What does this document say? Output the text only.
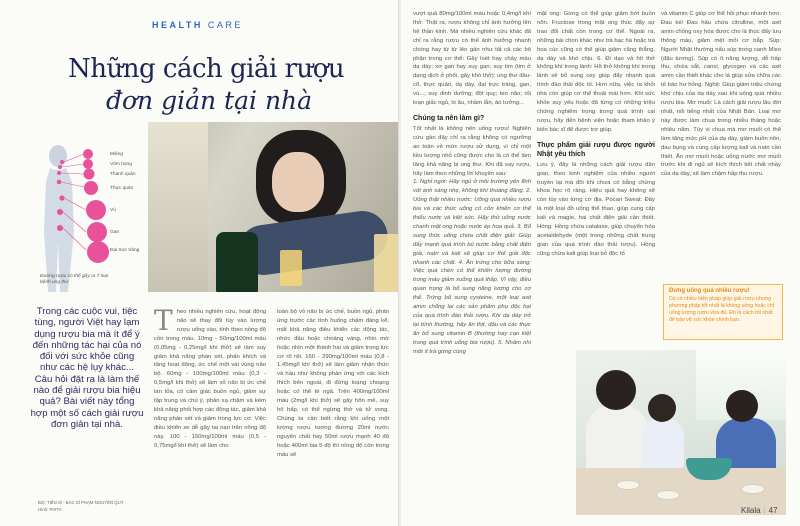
HEALTH CARE
Những cách giải rượu
đơn giản tại nhà
Miệng
Vòm họng
Thanh quản
Thực quản
Vú
Gan
Đại trực tràng
Đường rượu có thể gây ra 7 loại bệnh ung thư
Trong các cuộc vui, tiệc tùng, người Việt hay lạm dụng rượu bia mà ít để ý đến những tác hại của nó đối với sức khỏe cũng như các hệ lụy khác... Câu hỏi đặt ra là làm thế nào để giải rượu bia hiệu quả? Bài viết này tổng hợp một số cách giải rượu đơn giản tại nhà.
Bởi: TIẾN SĨ - BÁC SĨ PHẠM NGUYÊN QUÝ
Hình: PIXTA
Theo nhiều nghiên cứu, hoạt động não sẽ thay đổi tùy vào lượng rượu uống vào, tính theo nồng độ cồn trong máu. 10mg - 50mg/100ml máu (0,05mg - 0,25mg/l khí thở) sẽ làm suy giảm khả năng phán xét, phấn khích và tăng hoạt động, ức chế một vài vùng não bộ. 60mg - 100mg/100ml máu (0,3 - 0,5mg/l khí thở) sẽ làm vỏ não bị ức chế lan tỏa, có cảm giác buồn ngủ, giảm sự tập trung và chú ý, phản xạ chậm và kém khả năng phối hợp các động tác, giảm khả năng phán xét và giảm trong lực cơ. Việc điều khiển xe dễ gây tai nạn trên nồng độ này. 100 - 150mg/100ml máu (0,5 - 0,75mg/l khí thở) sẽ làm cho
toàn bộ vỏ não bị ức chế, buồn ngủ, phản ứng trước các tình huống chậm đáng kể, mất khả năng điều khiển các động tác, nhức đầu hoặc choáng váng, nhìn mờ hoặc nhìn một thành hai và giảm trong lực cơ rõ rệt. 160 - 290mg/100ml máu (0,8 - 1,45mg/l khí thở) sẽ làm giảm nhận thức và hầu như không phản ứng với các kích thích bên ngoài, đi đứng loạng choạng hoặc có thể té ngã. Trên 400mg/100ml máu (2mg/l khí thở) sẽ gây hôn mê, suy hô hấp, có thể ngừng thở và tử vong. Chúng ta cần biết rằng khi uống một lượng rượu tương đương 20ml nước nguyên chất hay 50ml rượu mạnh 40 độ hoặc 400ml bia 5 độ thì nồng độ cồn trong máu sẽ

vượt quá 80mg/100ml máu hoặc 0,4mg/l khí thở. Thật ra, rượu không chỉ ảnh hưởng lên hệ thần kinh. Mà nhiều nghiên cứu khác đã chỉ ra rằng rượu có thể ảnh hưởng nhanh chóng hay từ từ lên gần như tất cả các bộ phận trong cơ thể: Gây loét hay cháy máu dạ dày; xơ gan hay suy gan; suy tim (tim ở dạng dịch ở phổi, gây khó thở); ung thư đầu-cổ, thực quản, dạ dày, đại trực tràng, gan, vú...; suy dinh dưỡng; đột quỵ; teo não; rối loạn giấc ngủ, lo âu, nhầm lẫn, ảo tưởng...

Chúng ta nên làm gì?

Tốt nhất là không nên uống rượu! Nghiên cứu gần đây chỉ ra rằng không có ngưỡng an toàn về mức rượu sử dụng, vì chỉ một liều lượng nhỏ cũng được cho là có thể làm tăng khả năng bị ung thư. Khi đã say rượu, hãy làm theo những lời khuyên sau:

1. Nghỉ ngơi: Hãy ngủ ở môi trường yên tĩnh với ánh sáng nhẹ, không khí thoáng đãng. 2. Uống thật nhiều nước: Uống quá nhiều rượu bia và các thức uống có cồn khiến cơ thể thiếu nước và kiệt sức. Hãy thử uống nước chanh mật ong hoặc nước ép hoa quả. 3. Bổ sung thức uống chứa chất điện giải: Giúp đẩy mạnh quá trình bù nước bằng chất điện giải, natri và kali sẽ giúp cơ thể giải độc nhanh các chất. 4. Ăn trứng cho bữa sáng: Việc quá chén có thể khiến lượng đường trong máu giảm xuống quá thấp. Vì vậy, điều quan trọng là bổ sung năng lượng cho cơ thể. Trứng bổ sung cysteine, một loại axit amin chống lại các sản phẩm phụ độc hại của quá trình đào thải rượu. Khi dạ dày trở lại bình thường, hãy ăn thịt, đậu và các thực ăn bổ sung vitamin B (thường hay cạn kiệt trong quá trình uống bia rượu). 5. Nhâm nhi một ít trà gừng cùng

mật ong: Gừng có thể giúp giảm bớt buồn nôn. Fructose trong mật ong thúc đẩy sự trao đổi chất cồn trong cơ thể. Ngoài ra, những bài chọn khác như trà bạc hà hoặc trà hoa cúc cũng có thể giúp giảm căng thẳng, dạ dày và khó chịu. 6. Đi dạo và hít thở không khí trong lành: Hít thở không khí trong lành sẽ bổ sung oxy giúp đẩy nhanh quá trình đào thải độc tố. Hơn nữa, việc ra khỏi nhà còn giúp cơ thể thoải mái hơn. Khi sức khỏe suy yếu hoặc đã từng có những triệu chứng nghiêm trọng trong quá trình cai rượu, hãy đến bệnh viện hoặc tham khảo ý kiến bác sĩ để được trợ giúp.

Thực phẩm giải rượu được người Nhật yêu thích

Lưu ý, đây là những cách giải rượu dân gian, theo kinh nghiệm của nhiều người truyền lại mà đôi khi chưa có bằng chứng khoa học rõ ràng. Hiệu quả hay không sẽ còn tùy vào từng cơ địa. Pocari Sweat: Đây là một loại đồ uống thể thao, giúp cung cấp kali và magie, hai chất điện giải cần thiết. Hồng: Hồng chứa catalase, giúp chuyển hóa acetaldehyde (một trong những chất trung gian của quá trình đào thải rượu). Hồng cũng chứa kali giúp loại bỏ độc tố

và vitamin C giúp cơ thể hồi phục nhanh hơn. Đau ké/ Đau hấu chứa citrulline, một axit amin chống oxy hóa được cho là thúc đẩy lưu thông máu, giảm mệt mỏi cơ bắp. Súp: Người Nhật thường nấu súp trong canh Miso (đậu tương). Súp có ít năng lượng, dễ hấp thu, chứa sắt, canxi, glycogen và các axit amin cần thiết khác cho lá giúp sửa chữa các tế bào hư hỏng. Nghệ: Giúp giảm triệu chứng khó chịu của dạ dày sau khi uống quá nhiều rượu bia. Mơ muối: Là cách giải rượu lâu đời nhất, nổi tiếng nhất của Nhật Bản. Loại mơ này được làm chua trong nhiều tháng hoặc nhiều năm. Tùy vị chua mà mơ muối có thể làm tăng mức pH của dạ dày, giảm buồn nôn, đau bụng và cung cấp lượng kali và natri cần thiết. Ăn mơ muối hoặc uống nước mơ muối trước khi đi ngủ sẽ kích thích tiết chất nhầy của dạ dày, sẽ làm chậm hấp thu rượu.

Đừng uống quá nhiều rượu!
Dù có nhiều biện pháp giúp giải rượu nhưng phương pháp tốt nhất là không uống hoặc chỉ uống lượng rượu vừa đủ. Đó là cách tốt nhất để bảo vệ sức khỏe chính bạn.
Kilala | 47
